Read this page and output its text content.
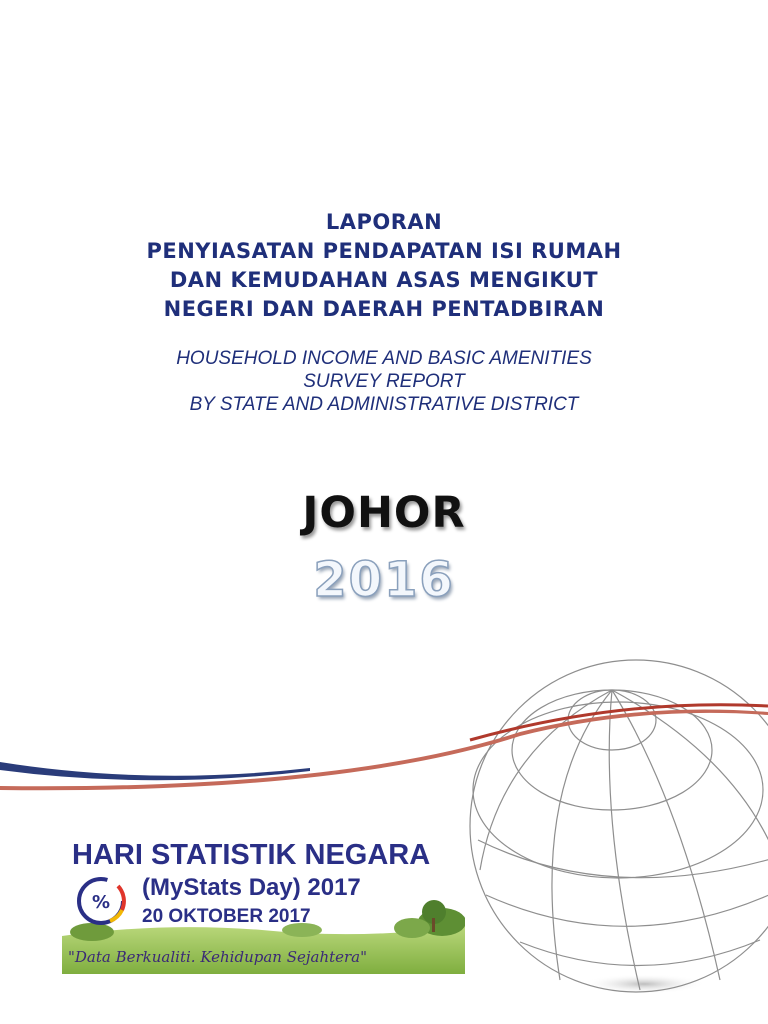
LAPORAN
PENYIASATAN PENDAPATAN ISI RUMAH
DAN KEMUDAHAN ASAS MENGIKUT
NEGERI DAN DAERAH PENTADBIRAN
HOUSEHOLD INCOME AND BASIC AMENITIES
SURVEY REPORT
BY STATE AND ADMINISTRATIVE DISTRICT
JOHOR
2016
%
HARI STATISTIK NEGARA
(MyStats Day) 2017
20 OKTOBER 2017
"Data Berkualiti. Kehidupan Sejahtera"
